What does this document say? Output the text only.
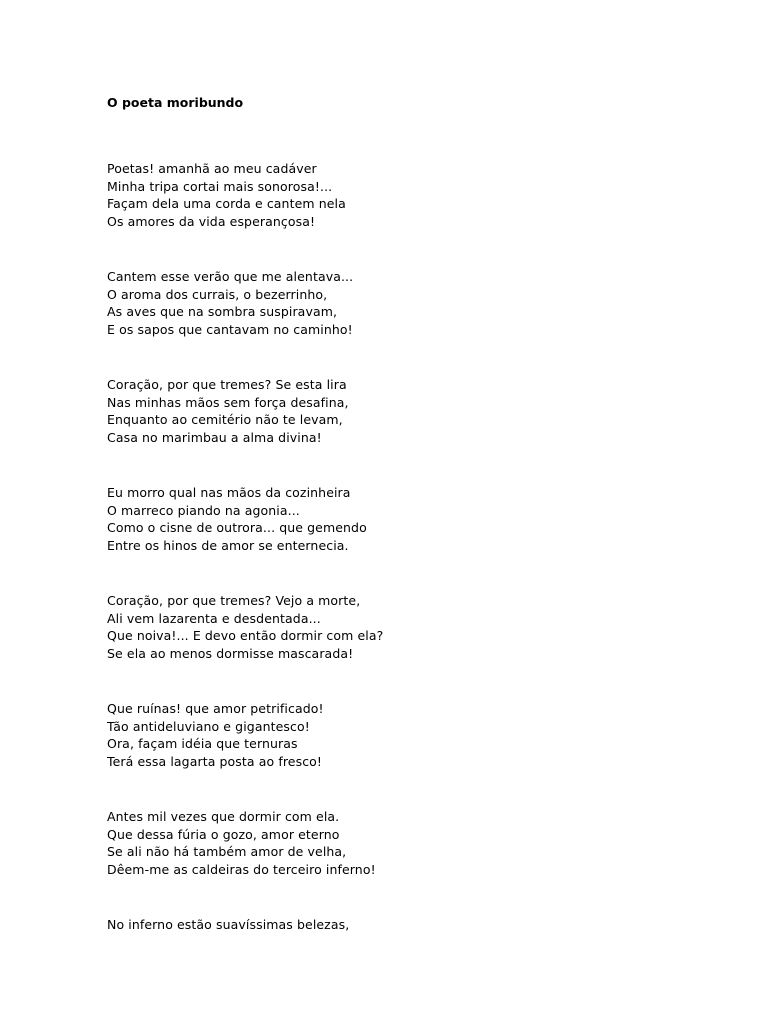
O poeta moribundo
Poetas! amanhã ao meu cadáver
Minha tripa cortai mais sonorosa!...
Façam dela uma corda e cantem nela
Os amores da vida esperançosa!
Cantem esse verão que me alentava...
O aroma dos currais, o bezerrinho,
As aves que na sombra suspiravam,
E os sapos que cantavam no caminho!
Coração, por que tremes? Se esta lira
Nas minhas mãos sem força desafina,
Enquanto ao cemitério não te levam,
Casa no marimbau a alma divina!
Eu morro qual nas mãos da cozinheira
O marreco piando na agonia...
Como o cisne de outrora... que gemendo
Entre os hinos de amor se enternecia.
Coração, por que tremes? Vejo a morte,
Ali vem lazarenta e desdentada...
Que noiva!... E devo então dormir com ela?
Se ela ao menos dormisse mascarada!
Que ruínas! que amor petrificado!
Tão antideluviano e gigantesco!
Ora, façam idéia que ternuras
Terá essa lagarta posta ao fresco!
Antes mil vezes que dormir com ela.
Que dessa fúria o gozo, amor eterno
Se ali não há também amor de velha,
Dêem-me as caldeiras do terceiro inferno!
No inferno estão suavíssimas belezas,
